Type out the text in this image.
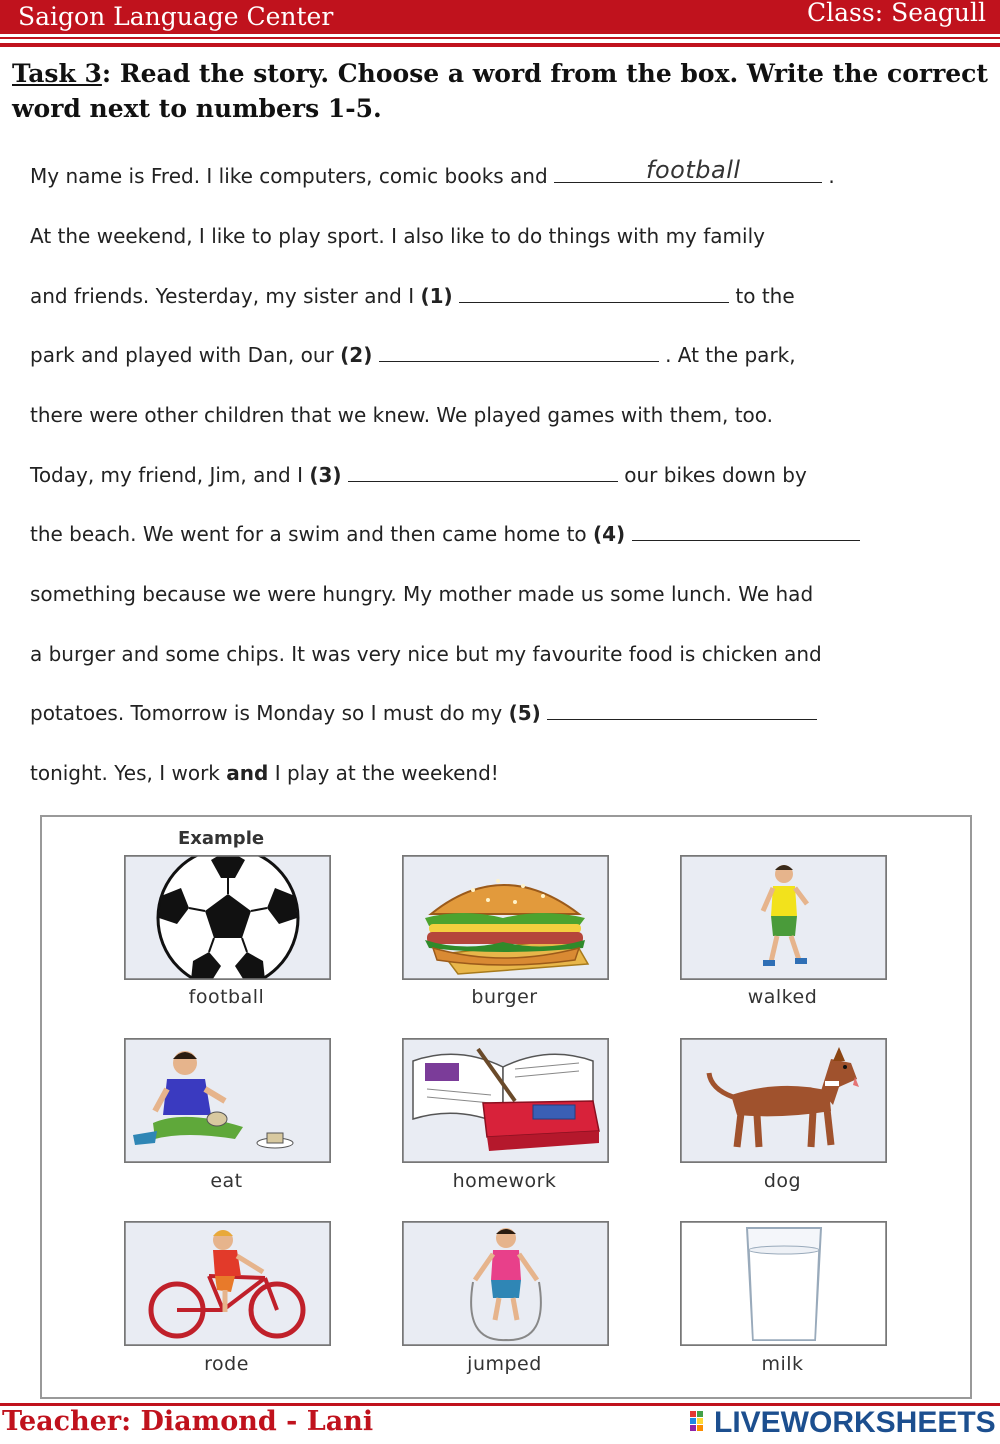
Saigon Language Center	Class: Seagull
Task 3: Read the story. Choose a word from the box. Write the correct word next to numbers 1-5.
My name is Fred. I like computers, comic books and	football	.
At the weekend, I like to play sport. I also like to do things with my family
and friends. Yesterday, my sister and I (1)	to the
park and played with Dan, our (2)	. At the park,
there were other children that we knew. We played games with them, too.
Today, my friend, Jim, and I (3)	our bikes down by
the beach. We went for a swim and then came home to (4)
something because we were hungry. My mother made us some lunch. We had
a burger and some chips. It was very nice but my favourite food is chicken and
potatoes. Tomorrow is Monday so I must do my (5)
tonight. Yes, I work and I play at the weekend!
Example
football	burger	walked
eat	homework	dog
rode	jumped	milk
Teacher: Diamond - Lani	LIVEWORKSHEETS
